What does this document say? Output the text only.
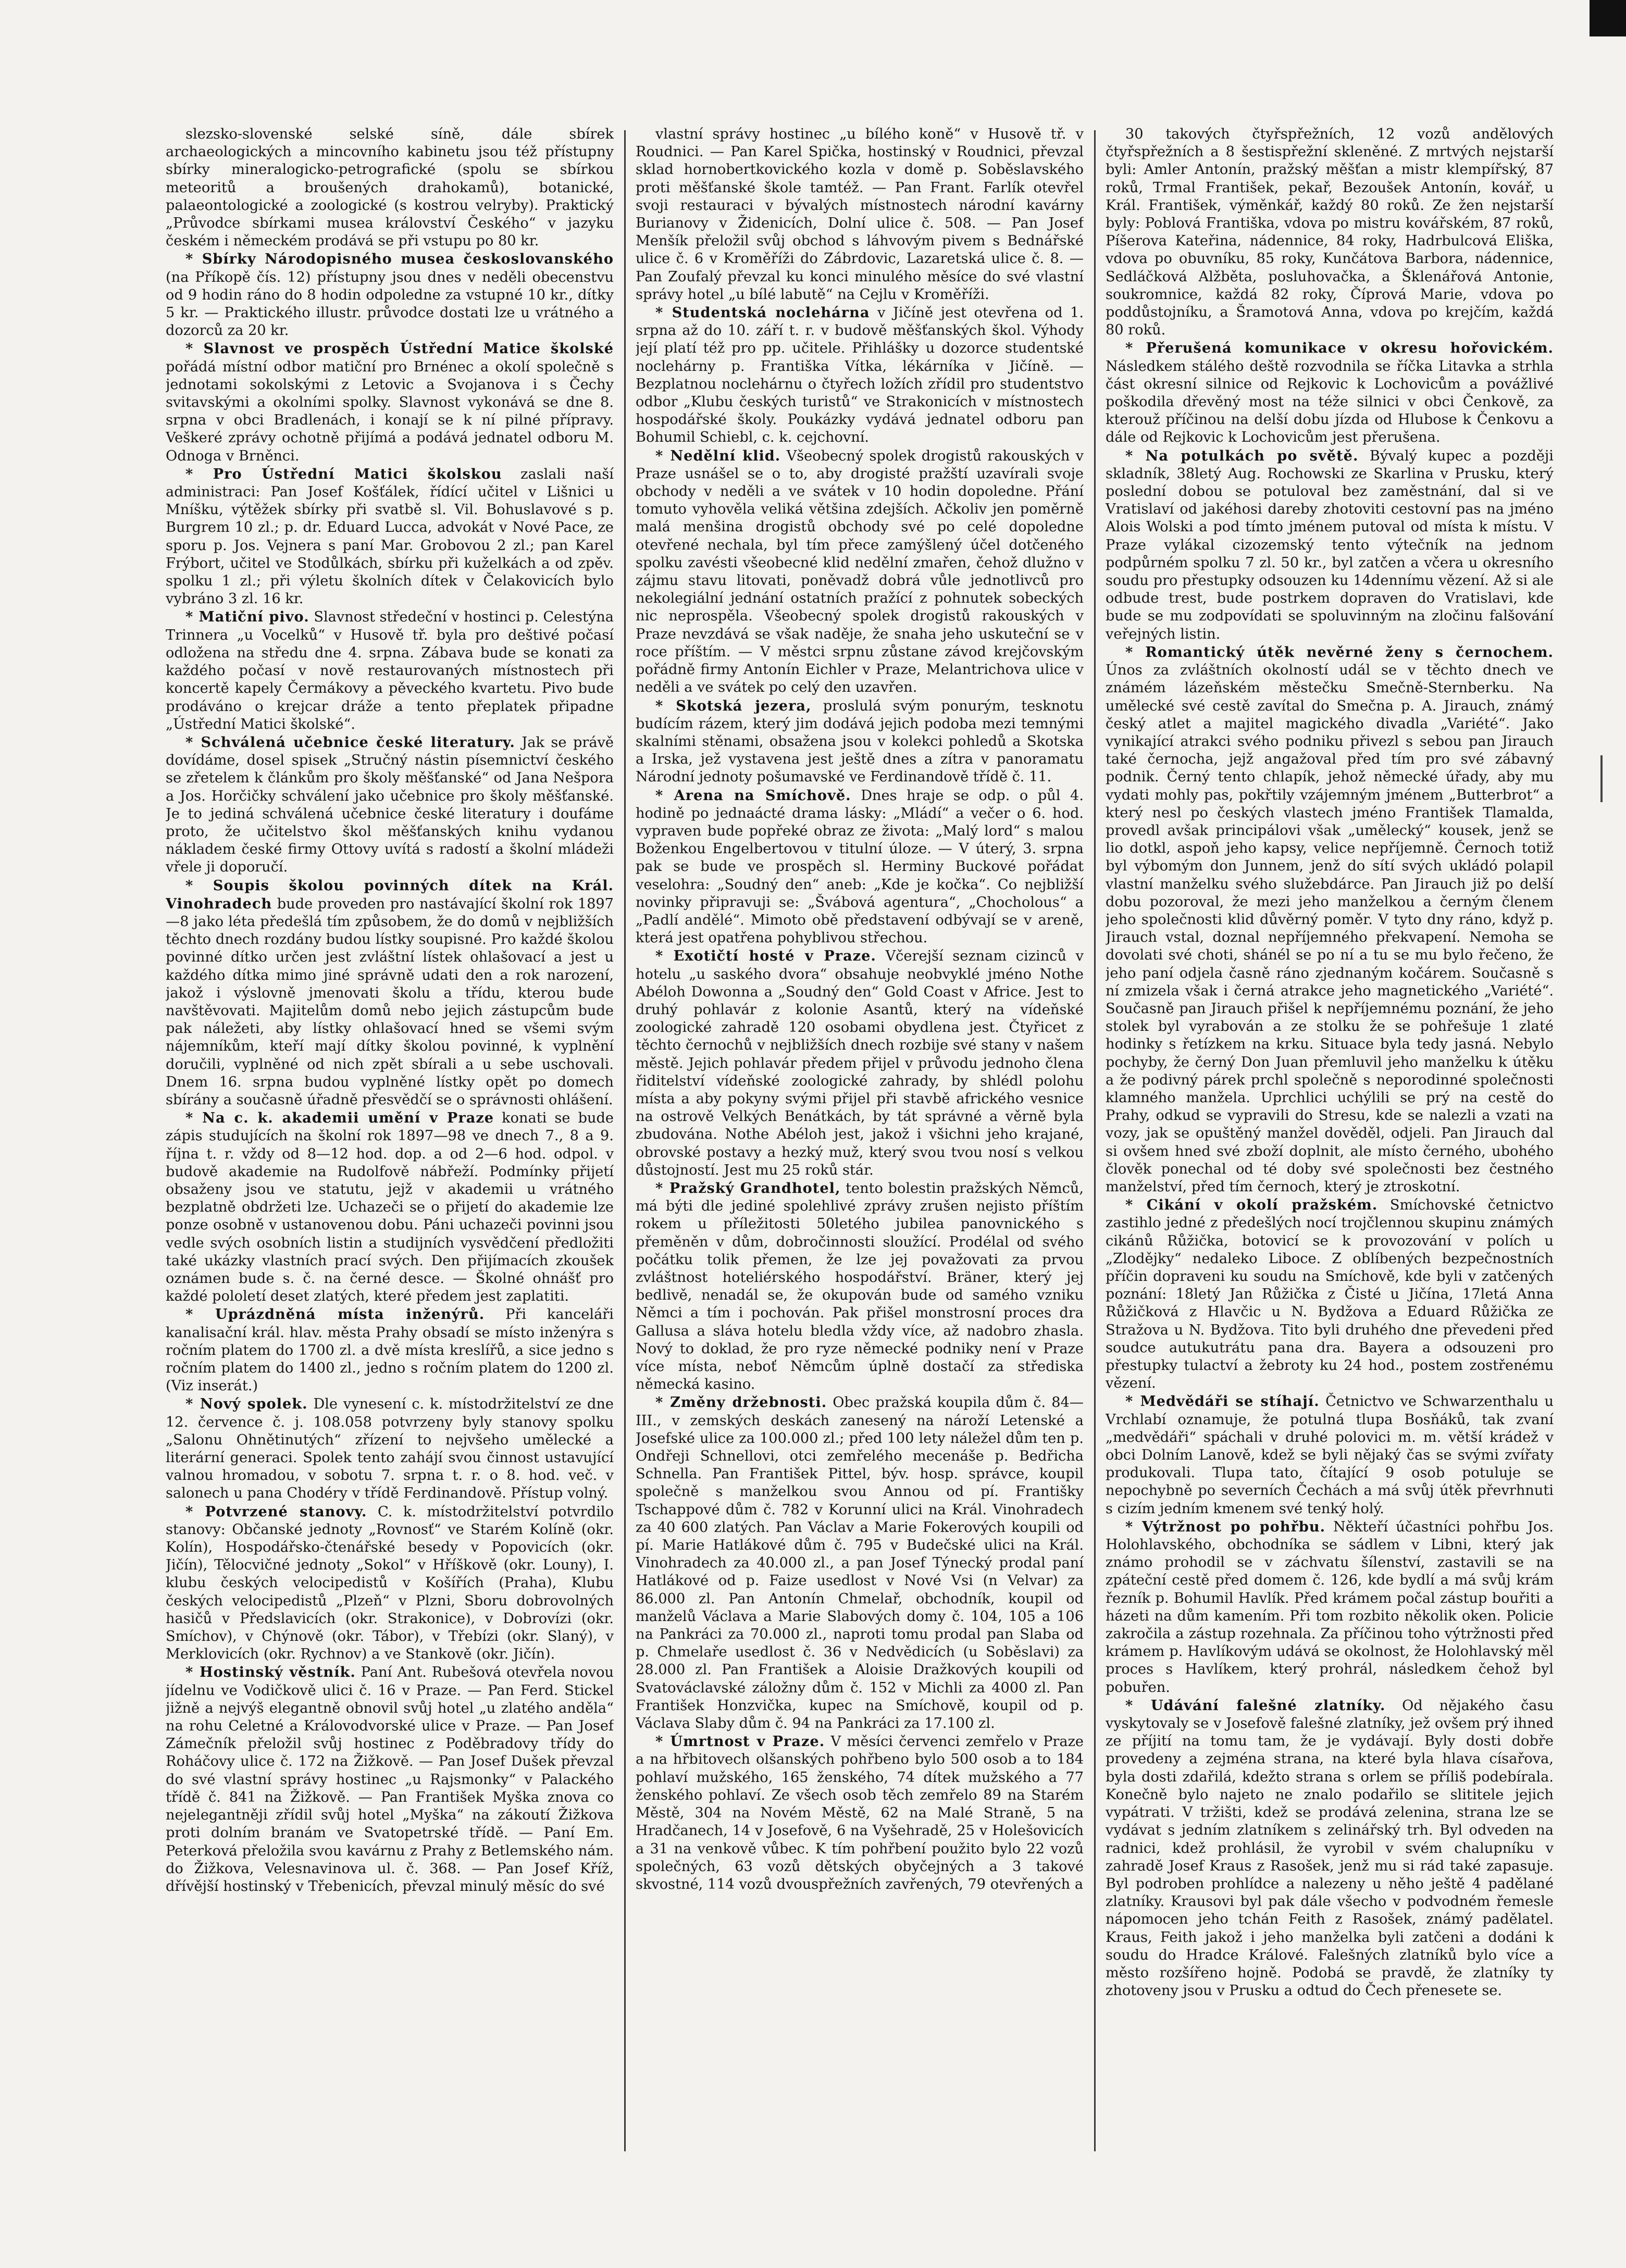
slezsko-slovenské selské síně, dále sbírek archaeologických a mincovního kabinetu jsou též přístupny sbírky mineralogicko-petrografické (spolu se sbírkou meteoritů a broušených drahokamů), botanické, palaeontologické a zoologické (s kostrou velryby). Praktický „Průvodce sbírkami musea království Českého“ v jazyku českém i německém prodává se při vstupu po 80 kr.

* Sbírky Národopisného musea českoslovanského (na Příkopě čís. 12) přístupny jsou dnes v neděli obecenstvu od 9 hodin ráno do 8 hodin odpoledne za vstupné 10 kr., dítky 5 kr. — Praktického illustr. průvodce dostati lze u vrátného a dozorců za 20 kr.

* Slavnost ve prospěch Ústřední Matice školské pořádá místní odbor matiční pro Brnénec a okolí společně s jednotami sokolskými z Letovic a Svojanova i s Čechy svitavskými a okolními spolky. Slavnost vykonává se dne 8. srpna v obci Bradlenách, i konají se k ní pilné přípravy. Veškeré zprávy ochotně přijímá a podává jednatel odboru M. Odnoga v Brněnci.

* Pro Ústřední Matici školskou zaslali naší administraci: Pan Josef Košťálek, řídící učitel v Lišnici u Mníšku, výtěžek sbírky při svatbě sl. Vil. Bohuslavové s p. Burgrem 10 zl.; p. dr. Eduard Lucca, advokát v Nové Pace, ze sporu p. Jos. Vejnera s paní Mar. Grobovou 2 zl.; pan Karel Frýbort, učitel ve Stodůlkách, sbírku při kuželkách a od zpěv. spolku 1 zl.; při výletu školních dítek v Čelakovicích bylo vybráno 3 zl. 16 kr.

* Matiční pivo. Slavnost středeční v hostinci p. Celestýna Trinnera „u Vocelků“ v Husově tř. byla pro deštivé počasí odložena na středu dne 4. srpna. Zábava bude se konati za každého počasí v nově restaurovaných místnostech při koncertě kapely Čermákovy a pěveckého kvartetu. Pivo bude prodáváno o krejcar dráže a tento přeplatek připadne „Ústřední Matici školské“.

* Schválená učebnice české literatury. Jak se právě dovídáme, dosel spisek „Stručný nástin písemnictví českého se zřetelem k článkům pro školy měšťanské“ od Jana Nešpora a Jos. Horčičky schválení jako učebnice pro školy měšťanské. Je to jediná schválená učebnice české literatury i doufáme proto, že učitelstvo škol měšťanských knihu vydanou nákladem české firmy Ottovy uvítá s radostí a školní mládeži vřele ji doporučí.

* Soupis školou povinných dítek na Král. Vinohradech bude proveden pro nastávající školní rok 1897—8 jako léta předešlá tím způsobem, že do domů v nejbližších těchto dnech rozdány budou lístky soupisné. Pro každé školou povinné dítko určen jest zvláštní lístek ohlašovací a jest u každého dítka mimo jiné správně udati den a rok narození, jakož i výslovně jmenovati školu a třídu, kterou bude navštěvovati. Majitelům domů nebo jejich zástupcům bude pak náležeti, aby lístky ohlašovací hned se všemi svým nájemníkům, kteří mají dítky školou povinné, k vyplnění doručili, vyplněné od nich zpět sbírali a u sebe uschovali. Dnem 16. srpna budou vyplněné lístky opět po domech sbírány a současně úřadně přesvědčí se o správnosti ohlášení.

* Na c. k. akademii umění v Praze konati se bude zápis studujících na školní rok 1897—98 ve dnech 7., 8 a 9. října t. r. vždy od 8—12 hod. dop. a od 2—6 hod. odpol. v budově akademie na Rudolfově nábřeží. Podmínky přijetí obsaženy jsou ve statutu, jejž v akademii u vrátného bezplatně obdržeti lze. Uchazeči se o přijetí do akademie lze ponze osobně v ustanovenou dobu. Páni uchazeči povinni jsou vedle svých osobních listin a studijních vysvědčení předložiti také ukázky vlastních prací svých. Den přijímacích zkoušek oznámen bude s. č. na černé desce. — Školné ohnášť pro každé pololetí deset zlatých, které předem jest zaplatiti.

* Uprázdněná místa inženýrů. Při kanceláři kanalisační král. hlav. města Prahy obsadí se místo inženýra s ročním platem do 1700 zl. a dvě místa kreslířů, a sice jedno s ročním platem do 1400 zl., jedno s ročním platem do 1200 zl. (Viz inserát.)

* Nový spolek. Dle vynesení c. k. místodržitelství ze dne 12. července č. j. 108.058 potvrzeny byly stanovy spolku „Salonu Ohnětinutých“ zřízení to nejvšeho umělecké a literární generaci. Spolek tento zahájí svou činnost ustavující valnou hromadou, v sobotu 7. srpna t. r. o 8. hod. več. v salonech u pana Chodéry v třídě Ferdinandově. Přístup volný.

* Potvrzené stanovy. C. k. místodržitelství potvrdilo stanovy: Občanské jednoty „Rovnosť“ ve Starém Kolíně (okr. Kolín), Hospodářsko-čtenářské besedy v Popovicích (okr. Jičín), Tělocvičné jednoty „Sokol“ v Hříškově (okr. Louny), I. klubu českých velocipedistů v Košířích (Praha), Klubu českých velocipedistů „Plzeň“ v Plzni, Sboru dobrovolných hasičů v Předslavicích (okr. Strakonice), v Dobrovízi (okr. Smíchov), v Chýnově (okr. Tábor), v Třebízi (okr. Slaný), v Merklovicích (okr. Rychnov) a ve Stankově (okr. Jičín).

* Hostinský věstník. Paní Ant. Rubešová otevřela novou jídelnu ve Vodičkově ulici č. 16 v Praze. — Pan Ferd. Stickel jižně a nejvýš elegantně obnovil svůj hotel „u zlatého anděla“ na rohu Celetné a Královodvorské ulice v Praze. — Pan Josef Zámečník přeložil svůj hostinec z Poděbradovy třídy do Roháčovy ulice č. 172 na Žižkově. — Pan Josef Dušek převzal do své vlastní správy hostinec „u Rajsmonky“ v Palackého třídě č. 841 na Žižkově. — Pan František Myška znova co nejelegantněji zřídil svůj hotel „Myška“ na zákoutí Žižkova proti dolním branám ve Svatopetrské třídě. — Paní Em. Peterková přeložila svou kavárnu z Prahy z Betlemského nám. do Žižkova, Velesnavinova ul. č. 368. — Pan Josef Kříž, dřívější hostinský v Třebenicích, převzal minulý měsíc do své

vlastní správy hostinec „u bílého koně“ v Husově tř. v Roudnici. — Pan Karel Spička, hostinský v Roudnici, převzal sklad hornobertkovického kozla v domě p. Soběslavského proti měšťanské škole tamtéž. — Pan Frant. Farlík otevřel svoji restauraci v bývalých místnostech národní kavárny Burianovy v Židenicích, Dolní ulice č. 508. — Pan Josef Menšík přeložil svůj obchod s láhvovým pivem s Bednářské ulice č. 6 v Kroměříži do Zábrdovic, Lazaretská ulice č. 8. — Pan Zoufalý převzal ku konci minulého měsíce do své vlastní správy hotel „u bílé labutě“ na Cejlu v Kroměříži.

* Studentská noclehárna v Jičíně jest otevřena od 1. srpna až do 10. září t. r. v budově měšťanských škol. Výhody její platí též pro pp. učitele. Přihlášky u dozorce studentské noclehárny p. Františka Vítka, lékárníka v Jičíně. — Bezplatnou noclehárnu o čtyřech ložích zřídil pro studentstvo odbor „Klubu českých turistů“ ve Strakonicích v místnostech hospodářské školy. Poukázky vydává jednatel odboru pan Bohumil Schiebl, c. k. cejchovní.

* Nedělní klid. Všeobecný spolek drogistů rakouských v Praze usnášel se o to, aby drogisté pražští uzavírali svoje obchody v neděli a ve svátek v 10 hodin dopoledne. Přání tomuto vyhověla veliká většina zdejších. Ačkoliv jen poměrně malá menšina drogistů obchody své po celé dopoledne otevřené nechala, byl tím přece zamýšlený účel dotčeného spolku zavésti všeobecné klid nedělní zmařen, čehož dlužno v zájmu stavu litovati, poněvadž dobrá vůle jednotlivců pro nekolegiální jednání ostatních pražící z pohnutek sobeckých nic neprospěla. Všeobecný spolek drogistů rakouských v Praze nevzdává se však naděje, že snaha jeho uskuteční se v roce příštím. — V městci srpnu zůstane závod krejčovským pořádně firmy Antonín Eichler v Praze, Melantrichova ulice v neděli a ve svátek po celý den uzavřen.

* Skotská jezera, proslulá svým ponurým, tesknotu budícím rázem, který jim dodává jejich podoba mezi temnými skalními stěnami, obsažena jsou v kolekci pohledů a Skotska a Irska, jež vystavena jest ještě dnes a zítra v panoramatu Národní jednoty pošumavské ve Ferdinandově třídě č. 11.

* Arena na Smíchově. Dnes hraje se odp. o půl 4. hodině po jednaácté drama lásky: „Mládí“ a večer o 6. hod. vypraven bude popřeké obraz ze života: „Malý lord“ s malou Boženkou Engelbertovou v titulní úloze. — V úterý, 3. srpna pak se bude ve prospěch sl. Herminy Buckové pořádat veselohra: „Soudný den“ aneb: „Kde je kočka“. Co nejbližší novinky připravuji se: „Švábová agentura“, „Chocholous“ a „Padlí andělé“. Mimoto obě představení odbývají se v areně, která jest opatřena pohyblivou střechou.

* Exotičtí hosté v Praze. Včerejší seznam cizinců v hotelu „u saského dvora“ obsahuje neobvyklé jméno Nothe Abéloh Dowonna a „Soudný den“ Gold Coast v Africe. Jest to druhý pohlavár z kolonie Asantů, který na vídeňské zoologické zahradě 120 osobami obydlena jest. Čtyřicet z těchto černochů v nejbližších dnech rozbije své stany v našem městě. Jejich pohlavár předem přijel v průvodu jednoho člena řiditelství vídeňské zoologické zahrady, by shlédl polohu místa a aby pokyny svými přijel při stavbě afrického vesnice na ostrově Velkých Benátkách, by tát správné a věrně byla zbudována. Nothe Abéloh jest, jakož i všichni jeho krajané, obrovské postavy a hezký muž, který svou tvou nosí s velkou důstojností. Jest mu 25 roků stár.

* Pražský Grandhotel, tento bolestin pražských Němců, má býti dle jediné spolehlivé zprávy zrušen nejisto příštím rokem u příležitosti 50letého jubilea panovnického s přeměněn v dům, dobročinnosti sloužící. Prodélal od svého počátku tolik přemen, že lze jej považovati za prvou zvláštnost hoteliérského hospodářství. Bräner, který jej bedlivě, nenadál se, že okupován bude od samého vzniku Němci a tím i pochován. Pak přišel monstrosní proces dra Gallusa a sláva hotelu bledla vždy více, až nadobro zhasla. Nový to doklad, že pro ryze německé podniky není v Praze více místa, neboť Němcům úplně dostačí za střediska německá kasino.

* Změny držebnosti. Obec pražská koupila dům č. 84—III., v zemských deskách zanesený na nároží Letenské a Josefské ulice za 100.000 zl.; před 100 lety náležel dům ten p. Ondřeji Schnellovi, otci zemřelého mecenáše p. Bedřicha Schnella. Pan František Pittel, býv. hosp. správce, koupil společně s manželkou svou Annou od pí. Františky Tschappové dům č. 782 v Korunní ulici na Král. Vinohradech za 40 600 zlatých. Pan Václav a Marie Fokerových koupili od pí. Marie Hatlákové dům č. 795 v Budečské ulici na Král. Vinohradech za 40.000 zl., a pan Josef Týnecký prodal paní Hatlákové od p. Faize usedlost v Nové Vsi (n Velvar) za 86.000 zl. Pan Antonín Chmelař, obchodník, koupil od manželů Václava a Marie Slabových domy č. 104, 105 a 106 na Pankráci za 70.000 zl., naproti tomu prodal pan Slaba od p. Chmelaře usedlost č. 36 v Nedvědicích (u Soběslavi) za 28.000 zl. Pan František a Aloisie Dražkových koupili od Svatováclavské záložny dům č. 152 v Michli za 4000 zl. Pan František Honzvička, kupec na Smíchově, koupil od p. Václava Slaby dům č. 94 na Pankráci za 17.100 zl.

* Úmrtnost v Praze. V měsíci červenci zemřelo v Praze a na hřbitovech olšanských pohřbeno bylo 500 osob a to 184 pohlaví mužského, 165 ženského, 74 dítek mužského a 77 ženského pohlaví. Ze všech osob těch zemřelo 89 na Starém Městě, 304 na Novém Městě, 62 na Malé Straně, 5 na Hradčanech, 14 v Josefově, 6 na Vyšehradě, 25 v Holešovicích a 31 na venkově vůbec. K tím pohřbení použito bylo 22 vozů společných, 63 vozů dětských obyčejných a 3 takové skvostné, 114 vozů dvouspřežních zavřených, 79 otevřených a

30 takových čtyřspřežních, 12 vozů andělových čtyřspřežních a 8 šestispřežní skleněné. Z mrtvých nejstarší byli: Amler Antonín, pražský měšťan a mistr klempířský, 87 roků, Trmal František, pekař, Bezoušek Antonín, kovář, u Král. František, výměnkář, každý 80 roků. Ze žen nejstarší byly: Poblová Františka, vdova po mistru kovářském, 87 roků, Píšerova Kateřina, nádennice, 84 roky, Hadrbulcová Eliška, vdova po obuvníku, 85 roky, Kunčátova Barbora, nádennice, Sedláčková Alžběta, posluhovačka, a Šklenářová Antonie, soukromnice, každá 82 roky, Číprová Marie, vdova po poddůstojníku, a Šramotová Anna, vdova po krejčím, každá 80 roků.

* Přerušená komunikace v okresu hořovickém. Následkem stálého deště rozvodnila se říčka Litavka a strhla část okresní silnice od Rejkovic k Lochovicům a povážlivé poškodila dřevěný most na téže silnici v obci Čenkově, za kterouž příčinou na delší dobu jízda od Hlubose k Čenkovu a dále od Rejkovic k Lochovicům jest přerušena.

* Na potulkách po světě. Bývalý kupec a později skladník, 38letý Aug. Rochowski ze Skarlina v Prusku, který poslední dobou se potuloval bez zaměstnání, dal si ve Vratislaví od jakéhosi dareby zhotoviti cestovní pas na jméno Alois Wolski a pod tímto jménem putoval od místa k místu. V Praze vylákal cizozemský tento výtečník na jednom podpůrném spolku 7 zl. 50 kr., byl zatčen a včera u okresního soudu pro přestupky odsouzen ku 14dennímu vězení. Až si ale odbude trest, bude postrkem dopraven do Vratislavi, kde bude se mu zodpovídati se spoluvinným na zločinu falšování veřejných listin.

* Romantický útěk nevěrné ženy s černochem. Únos za zvláštních okolností udál se v těchto dnech ve známém lázeňském městečku Smečně-Sternberku. Na umělecké své cestě zavítal do Smečna p. A. Jirauch, známý český atlet a majitel magického divadla „Variété“. Jako vynikající atrakci svého podniku přivezl s sebou pan Jirauch také černocha, jejž angažoval před tím pro své zábavný podnik. Černý tento chlapík, jehož německé úřady, aby mu vydati mohly pas, pokřtily vzájemným jménem „Butterbrot“ a který nesl po českých vlastech jméno František Tlamalda, provedl avšak principálovi však „umělecký“ kousek, jenž se lio dotkl, aspoň jeho kapsy, velice nepříjemně. Černoch totiž byl výbomým don Junnem, jenž do sítí svých ukládó polapil vlastní manželku svého služebdárce. Pan Jirauch již po delší dobu pozoroval, že mezi jeho manželkou a černým členem jeho společnosti klid důvěrný poměr. V tyto dny ráno, když p. Jirauch vstal, doznal nepříjemného překvapení. Nemoha se dovolati své choti, shánél se po ní a tu se mu bylo řečeno, že jeho paní odjela časně ráno zjednaným kočárem. Současně s ní zmizela však i černá atrakce jeho magnetického „Variété“. Současně pan Jirauch přišel k nepříjemnému poznání, že jeho stolek byl vyrabován a ze stolku že se pohřešuje 1 zlaté hodinky s řetízkem na krku. Situace byla tedy jasná. Nebylo pochyby, že černý Don Juan přemluvil jeho manželku k útěku a že podivný párek prchl společně s neporodinné společnosti klamného manžela. Uprchlici uchýlili se prý na cestě do Prahy, odkud se vypravili do Stresu, kde se nalezli a vzati na vozy, jak se opuštěný manžel dověděl, odjeli. Pan Jirauch dal si ovšem hned své zboží doplnit, ale místo černého, ubohého člověk ponechal od té doby své společnosti bez čestného manželství, před tím černoch, který je ztroskotní.

* Cikání v okolí pražském. Smíchovské četnictvo zastihlo jedné z předešlých nocí trojčlennou skupinu známých cikánů Růžička, botovicí se k provozování v polích u „Zlodějky“ nedaleko Liboce. Z oblíbených bezpečnostních příčin dopraveni ku soudu na Smíchově, kde byli v zatčených poznání: 18letý Jan Růžička z Čisté u Jičína, 17letá Anna Růžičková z Hlavčic u N. Bydžova a Eduard Růžička ze Stražova u N. Bydžova. Tito byli druhého dne převedeni před soudce autukutrátu pana dra. Bayera a odsouzeni pro přestupky tulactví a žebroty ku 24 hod., postem zostřenému vězení.

* Medvědáři se stíhají. Četnictvo ve Schwarzenthalu u Vrchlabí oznamuje, že potulná tlupa Bosňáků, tak zvaní „medvědáři“ spáchali v druhé polovici m. m. větší krádež v obci Dolním Lanově, kdež se byli nějaký čas se svými zvířaty produkovali. Tlupa tato, čítající 9 osob potuluje se nepochybně po severních Čechách a má svůj útěk převrhnuti s cizím jedním kmenem své tenký holý.

* Výtržnost po pohřbu. Někteří účastníci pohřbu Jos. Holohlavského, obchodníka se sádlem v Libni, který jak známo prohodil se v záchvatu šílenství, zastavili se na zpáteční cestě před domem č. 126, kde bydlí a má svůj krám řezník p. Bohumil Havlík. Před krámem počal zástup bouřiti a házeti na dům kamením. Při tom rozbito několik oken. Policie zakročila a zástup rozehnala. Za příčinou toho výtržnosti před krámem p. Havlíkovým udává se okolnost, že Holohlavský měl proces s Havlíkem, který prohrál, následkem čehož byl pobuřen.

* Udávání falešné zlatníky. Od nějakého času vyskytovaly se v Josefově falešné zlatníky, jež ovšem prý ihned ze příjití na tomu tam, že je vydávají. Byly dosti dobře provedeny a zejména strana, na které byla hlava císařova, byla dosti zdařilá, kdežto strana s orlem se příliš podebírala. Konečně bylo najeto ne znalo podařilo se slititele jejich vypátrati. V tržišti, kdež se prodává zelenina, strana lze se vydávat s jedním zlatníkem s zelinářský trh. Byl odveden na radnici, kdež prohlásil, že vyrobil v svém chalupníku v zahradě Josef Kraus z Rasošek, jenž mu si rád také zapasuje. Byl podroben prohlídce a nalezeny u něho ještě 4 padělané zlatníky. Krausovi byl pak dále všecho v podvodném řemesle nápomocen jeho tchán Feith z Rasošek, známý padělatel. Kraus, Feith jakož i jeho manželka byli zatčeni a dodáni k soudu do Hradce Králové. Falešných zlatníků bylo více a město rozšířeno hojně. Podobá se pravdě, že zlatníky ty zhotoveny jsou v Prusku a odtud do Čech přenesete se.
